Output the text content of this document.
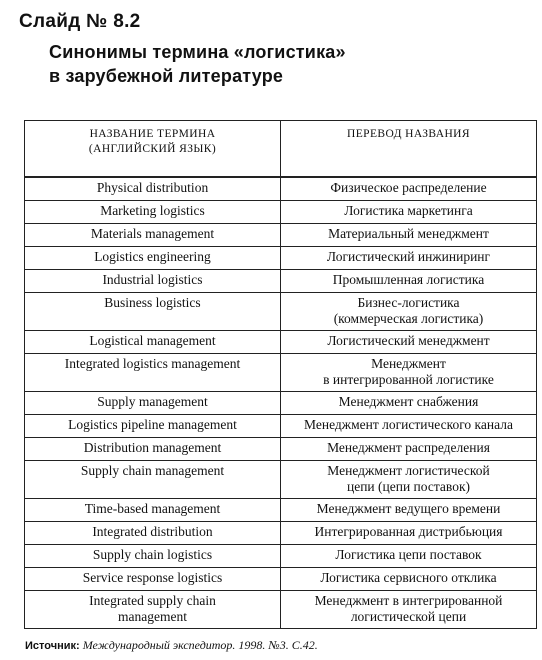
Слайд № 8.2
Синонимы термина «логистика»
в зарубежной литературе
НАЗВАНИЕ ТЕРМИНА
(АНГЛИЙСКИЙ ЯЗЫК)	ПЕРЕВОД НАЗВАНИЯ

Physical distribution	Физическое распределение

Marketing logistics	Логистика маркетинга

Materials management	Материальный менеджмент

Logistics engineering	Логистический инжиниринг

Industrial logistics	Промышленная логистика

Business logistics	Бизнес-логистика
(коммерческая логистика)

Logistical management	Логистический менеджмент

Integrated logistics management	Менеджмент
в интегрированной логистике

Supply management	Менеджмент снабжения

Logistics pipeline management	Менеджмент логистического канала

Distribution management	Менеджмент распределения

Supply chain management	Менеджмент логистической
цепи (цепи поставок)

Time-based management	Менеджмент ведущего времени

Integrated distribution	Интегрированная дистрибьюция

Supply chain logistics	Логистика цепи поставок

Service response logistics	Логистика сервисного отклика

Integrated supply chain
management	Менеджмент в интегрированной
логистической цепи

Источник: Международный экспедитор. 1998. №3. С.42.
